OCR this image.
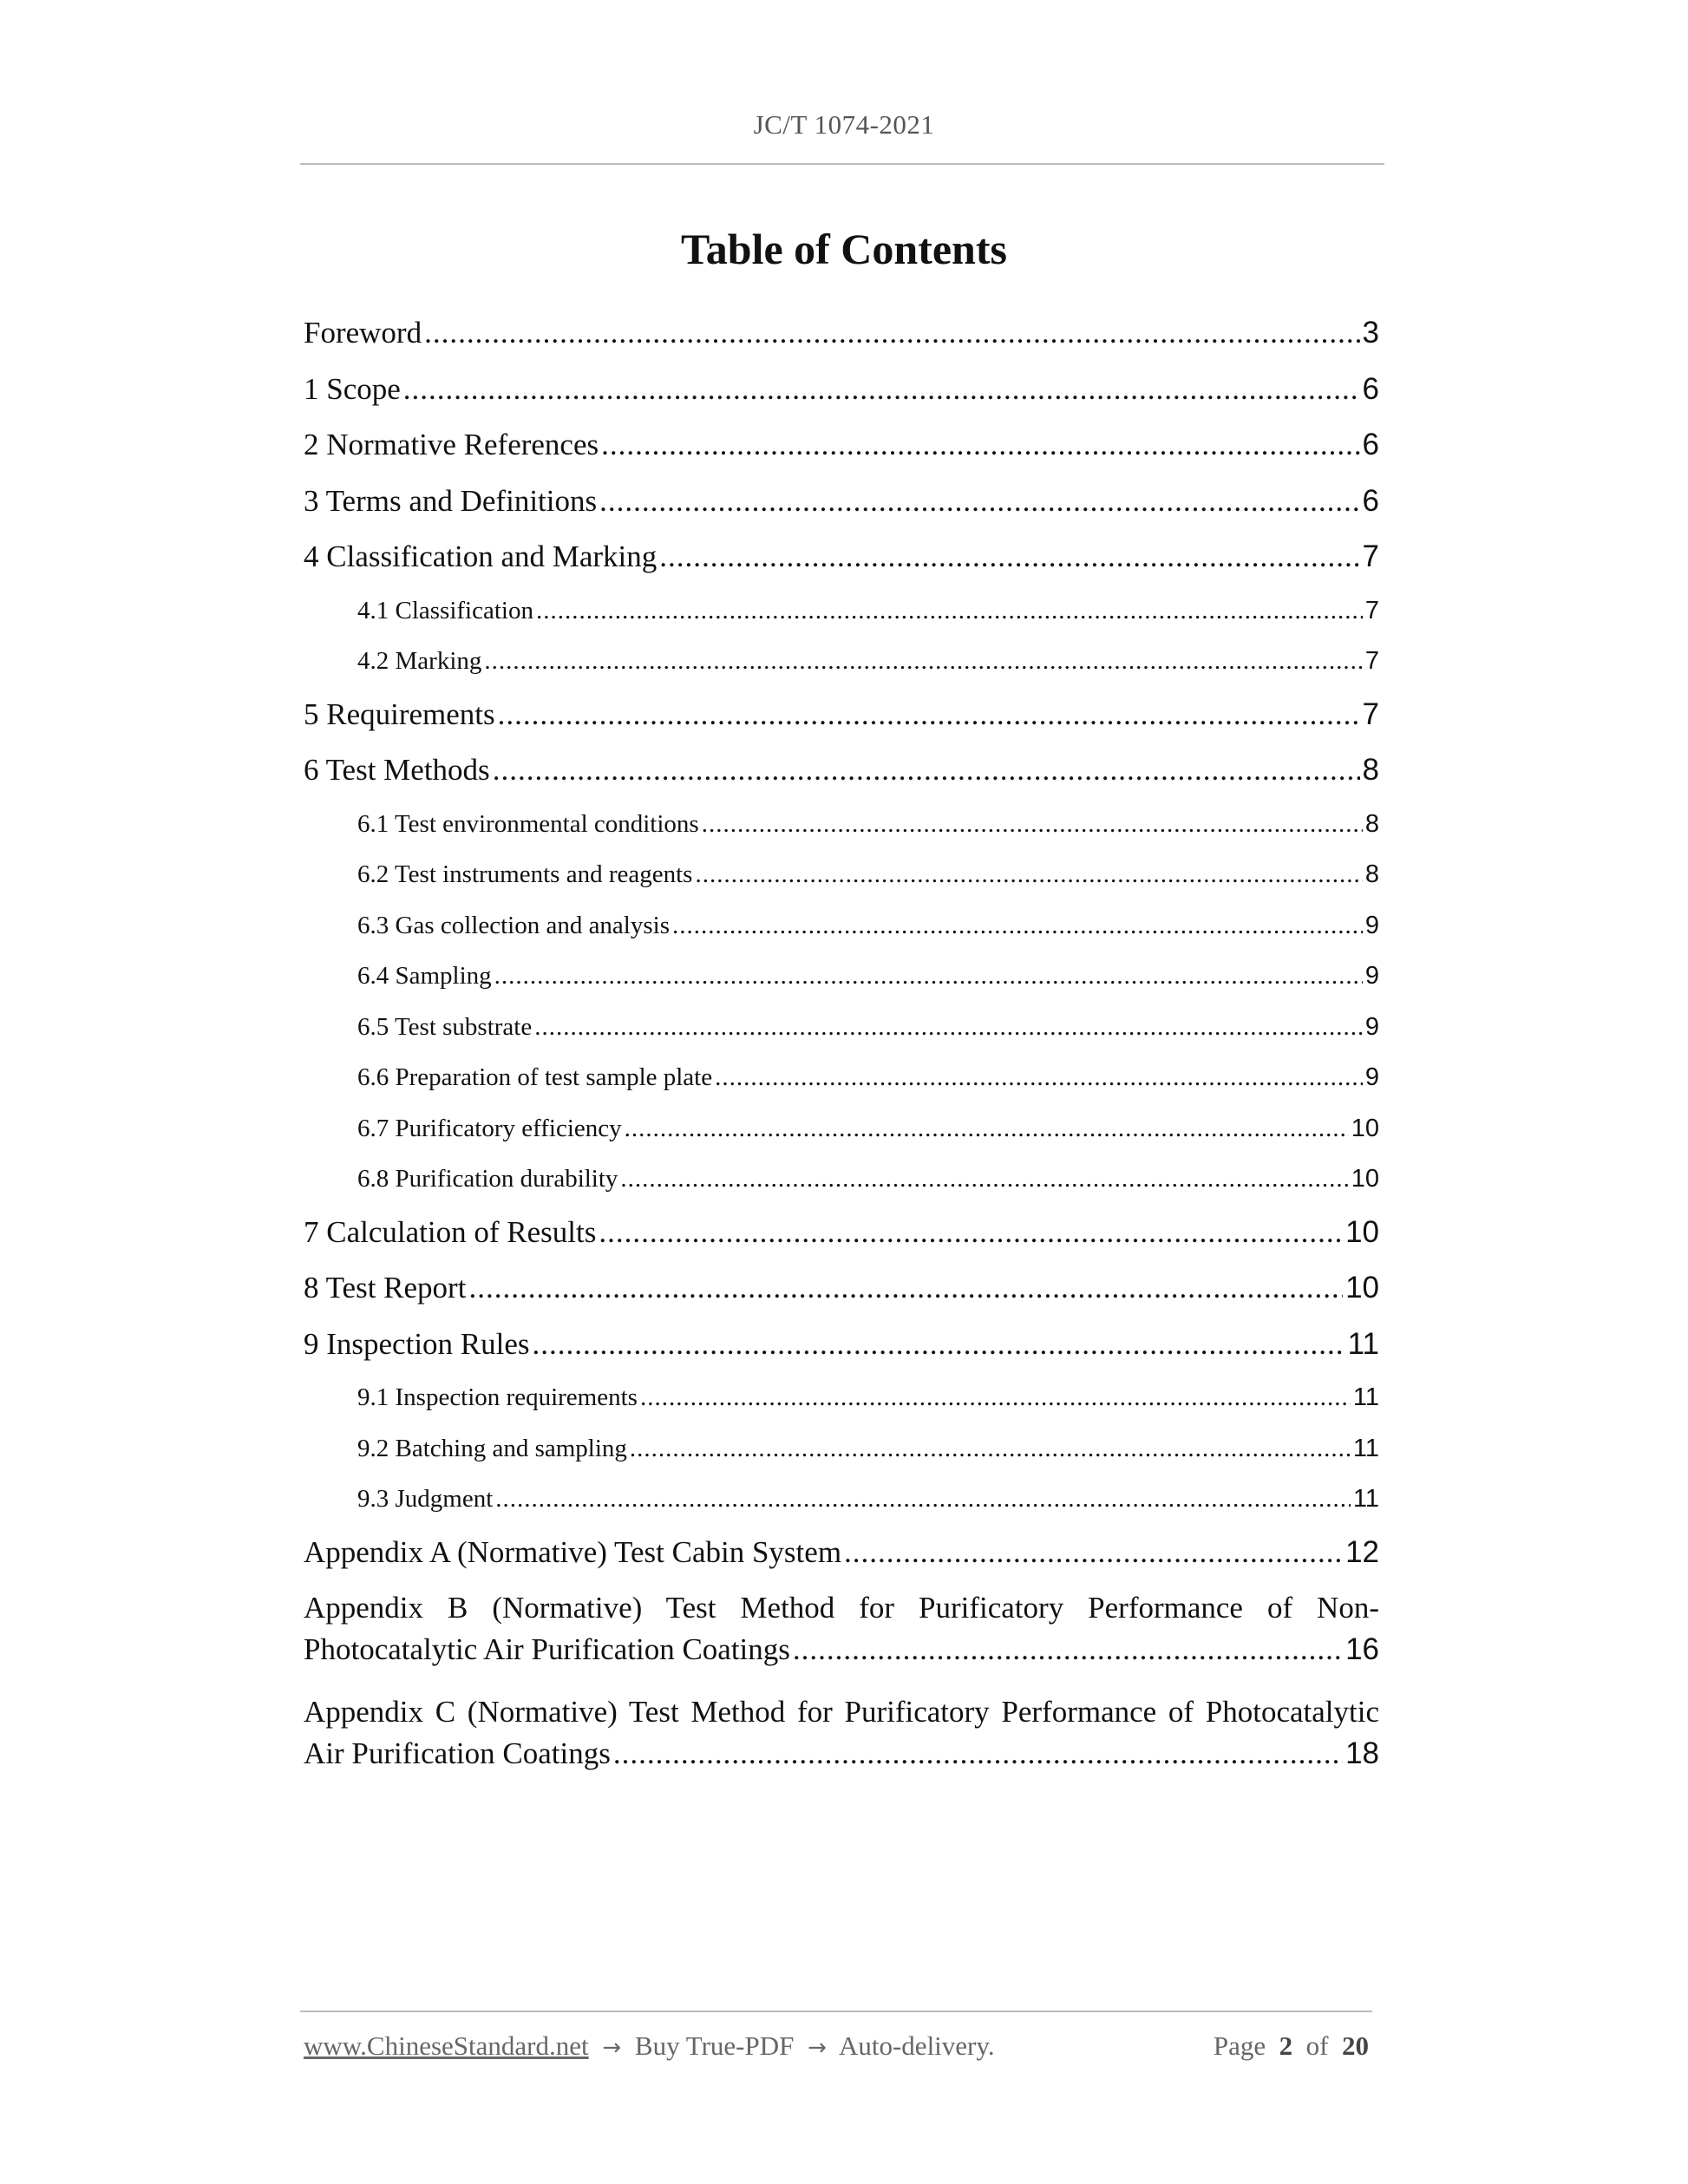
JC/T 1074-2021
Table of Contents
Foreword .....	3
1 Scope .....	6
2 Normative References .....	6
3 Terms and Definitions .....	6
4 Classification and Marking .....	7
4.1 Classification .....	7
4.2 Marking .....	7
5 Requirements .....	7
6 Test Methods .....	8
6.1 Test environmental conditions .....	8
6.2 Test instruments and reagents .....	8
6.3 Gas collection and analysis .....	9
6.4 Sampling .....	9
6.5 Test substrate .....	9
6.6 Preparation of test sample plate .....	9
6.7 Purificatory efficiency .....	10
6.8 Purification durability .....	10
7 Calculation of Results .....	10
8 Test Report .....	10
9 Inspection Rules .....	11
9.1 Inspection requirements .....	11
9.2 Batching and sampling .....	11
9.3 Judgment .....	11
Appendix A (Normative) Test Cabin System .....	12
Appendix B (Normative) Test Method for Purificatory Performance of Non-
Photocatalytic Air Purification Coatings .....	16
Appendix C (Normative) Test Method for Purificatory Performance of Photocatalytic
Air Purification Coatings .....	18
www.ChineseStandard.net → Buy True-PDF → Auto-delivery.	Page 2 of 20
